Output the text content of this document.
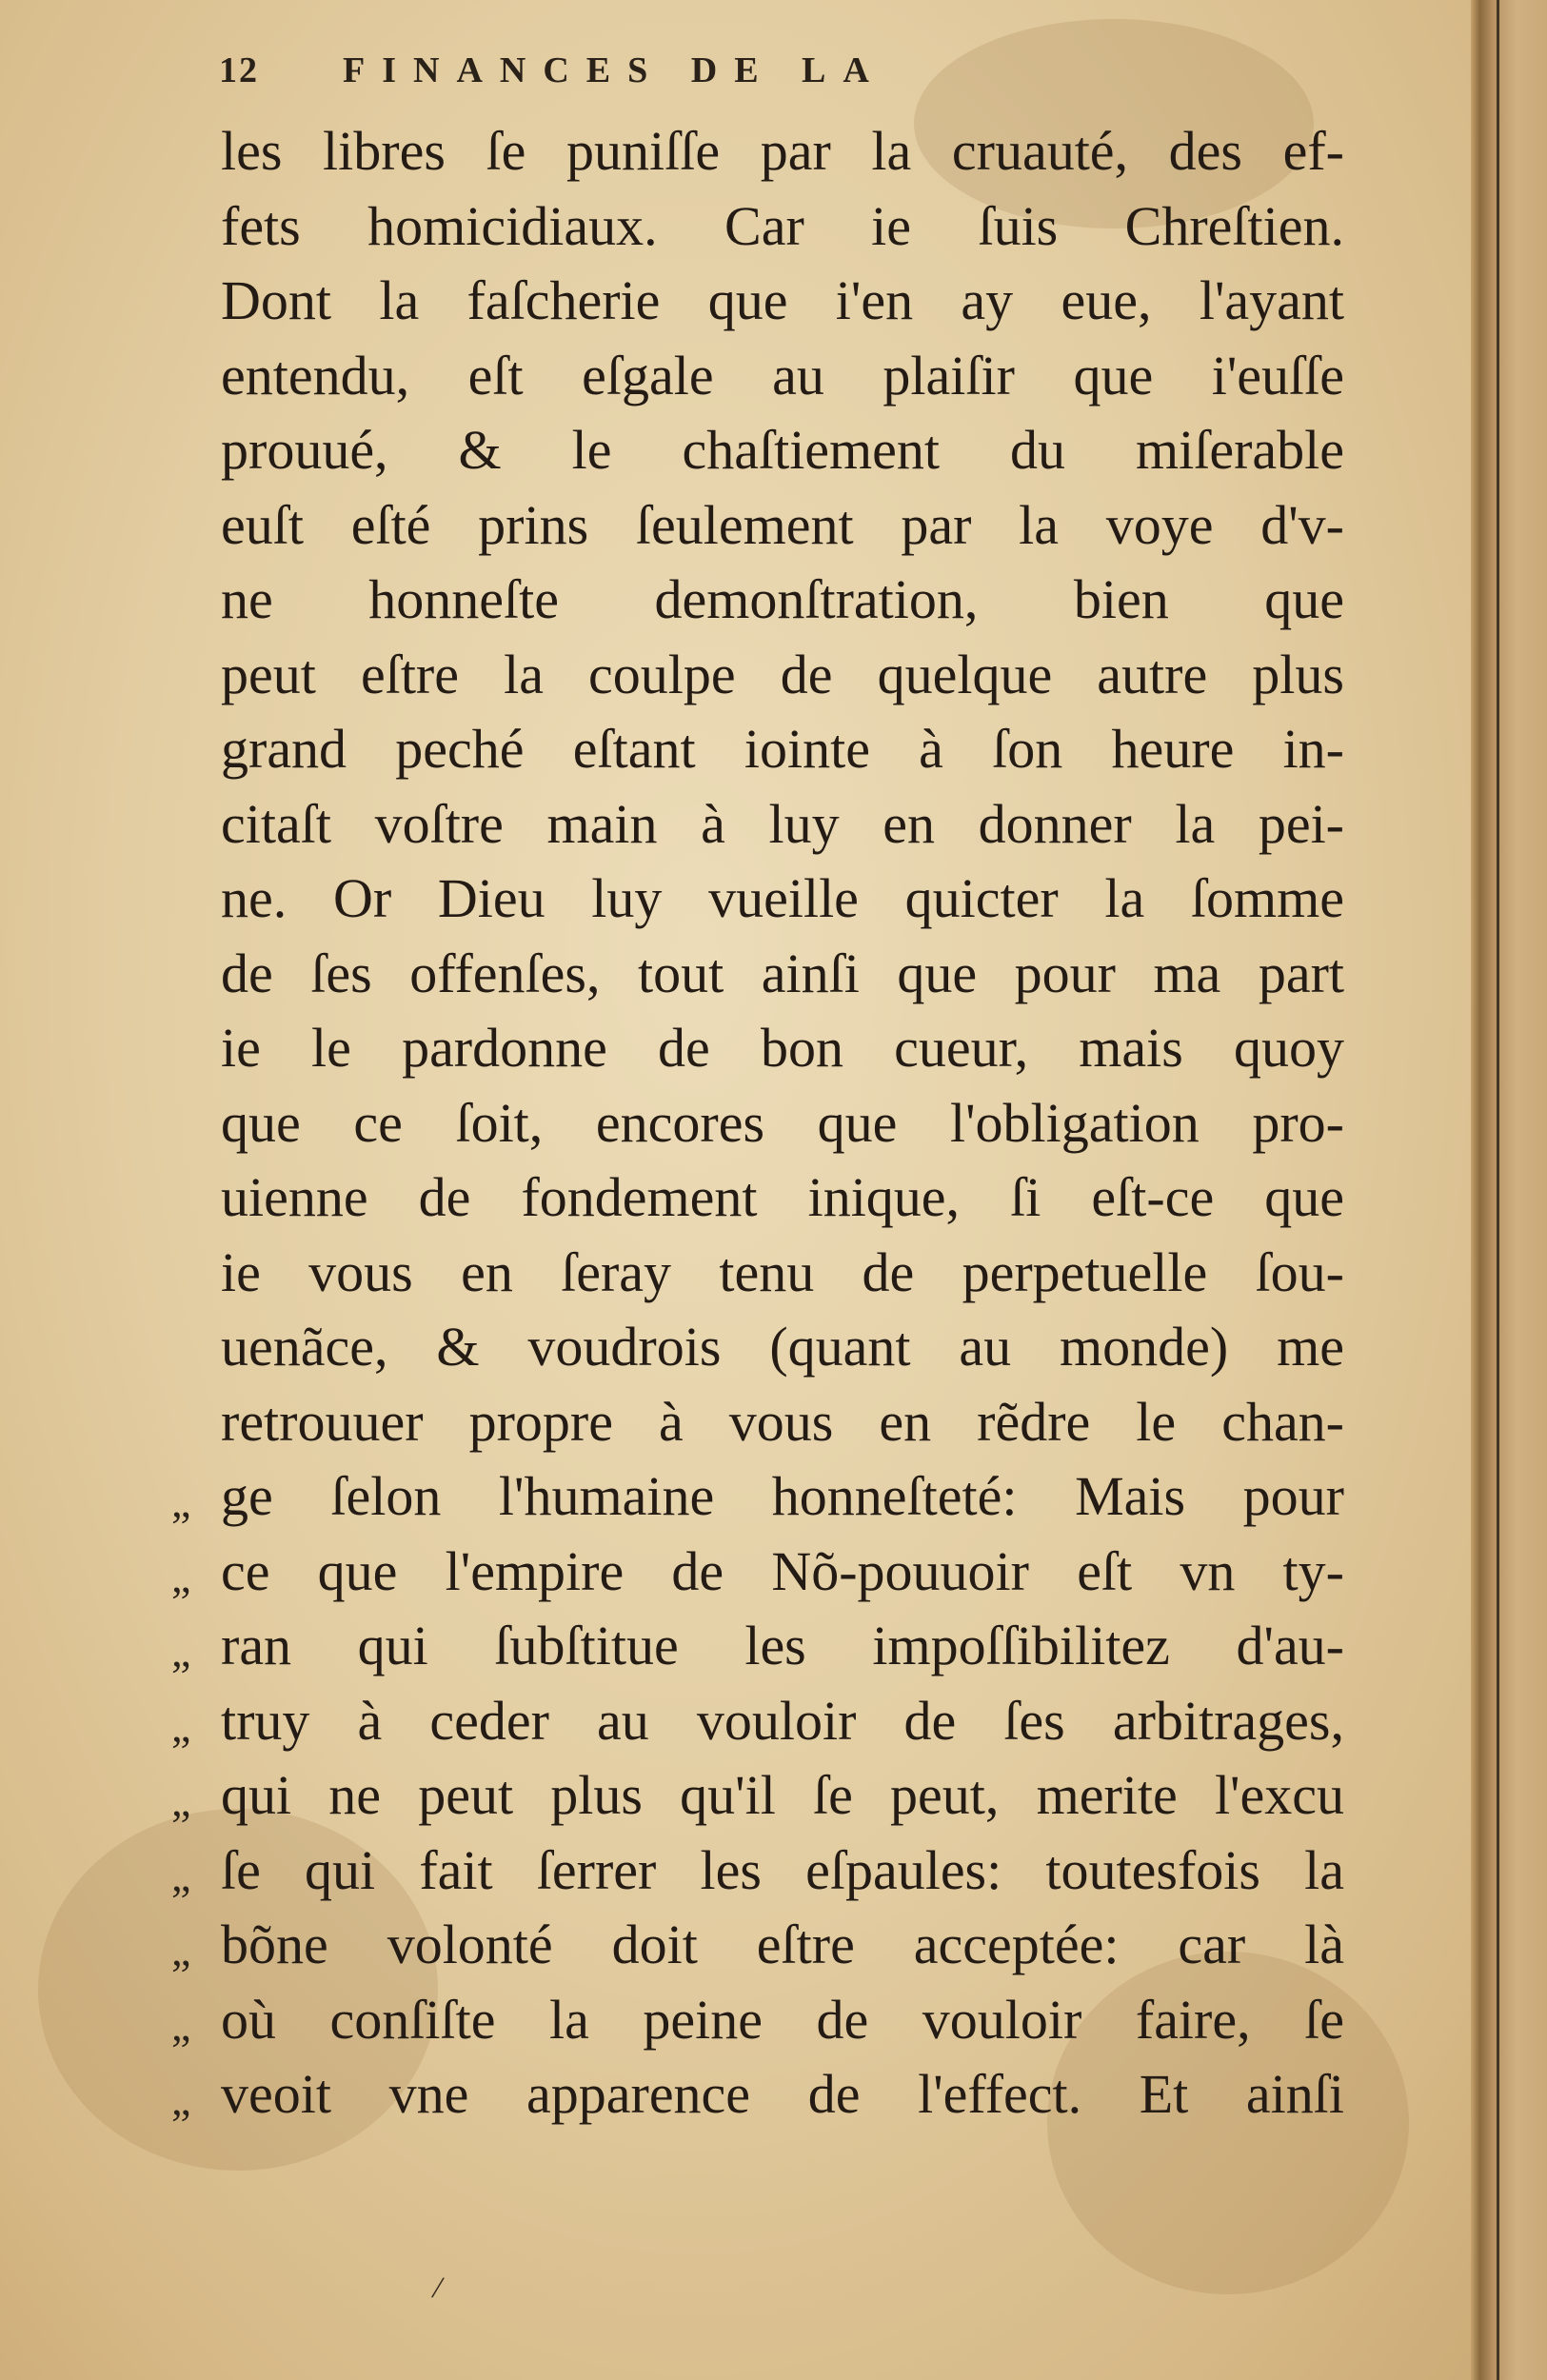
12 FINANCES DE LA
les libres ſe puniſſe par la cruauté, des ef-
fets homicidiaux. Car ie ſuis Chreſtien.
Dont la faſcherie que i'en ay eue, l'ayant
entendu, eſt eſgale au plaiſir que i'euſſe
prouué, & le chaſtiement du miſerable
euſt eſté prins ſeulement par la voye d'v-
ne honneſte demonſtration, bien que
peut eſtre la coulpe de quelque autre plus
grand peché eſtant iointe à ſon heure in-
citaſt voſtre main à luy en donner la pei-
ne. Or Dieu luy vueille quicter la ſomme
de ſes offenſes, tout ainſi que pour ma part
ie le pardonne de bon cueur, mais quoy
que ce ſoit, encores que l'obligation pro-
uienne de fondement inique, ſi eſt-ce que
ie vous en ſeray tenu de perpetuelle ſou-
uenãce, & voudrois (quant au monde) me
retrouuer propre à vous en rẽdre le chan-
„ ge ſelon l'humaine honneſteté: Mais pour
„ ce que l'empire de Nõ-pouuoir eſt vn ty-
„ ran qui ſubſtitue les impoſſibilitez d'au-
„ truy à ceder au vouloir de ſes arbitrages,
„ qui ne peut plus qu'il ſe peut, merite l'excu
„ ſe qui fait ſerrer les eſpaules: toutesfois la
„ bõne volonté doit eſtre acceptée: car là
„ où conſiſte la peine de vouloir faire, ſe
„ veoit vne apparence de l'effect. Et ainſi
/
